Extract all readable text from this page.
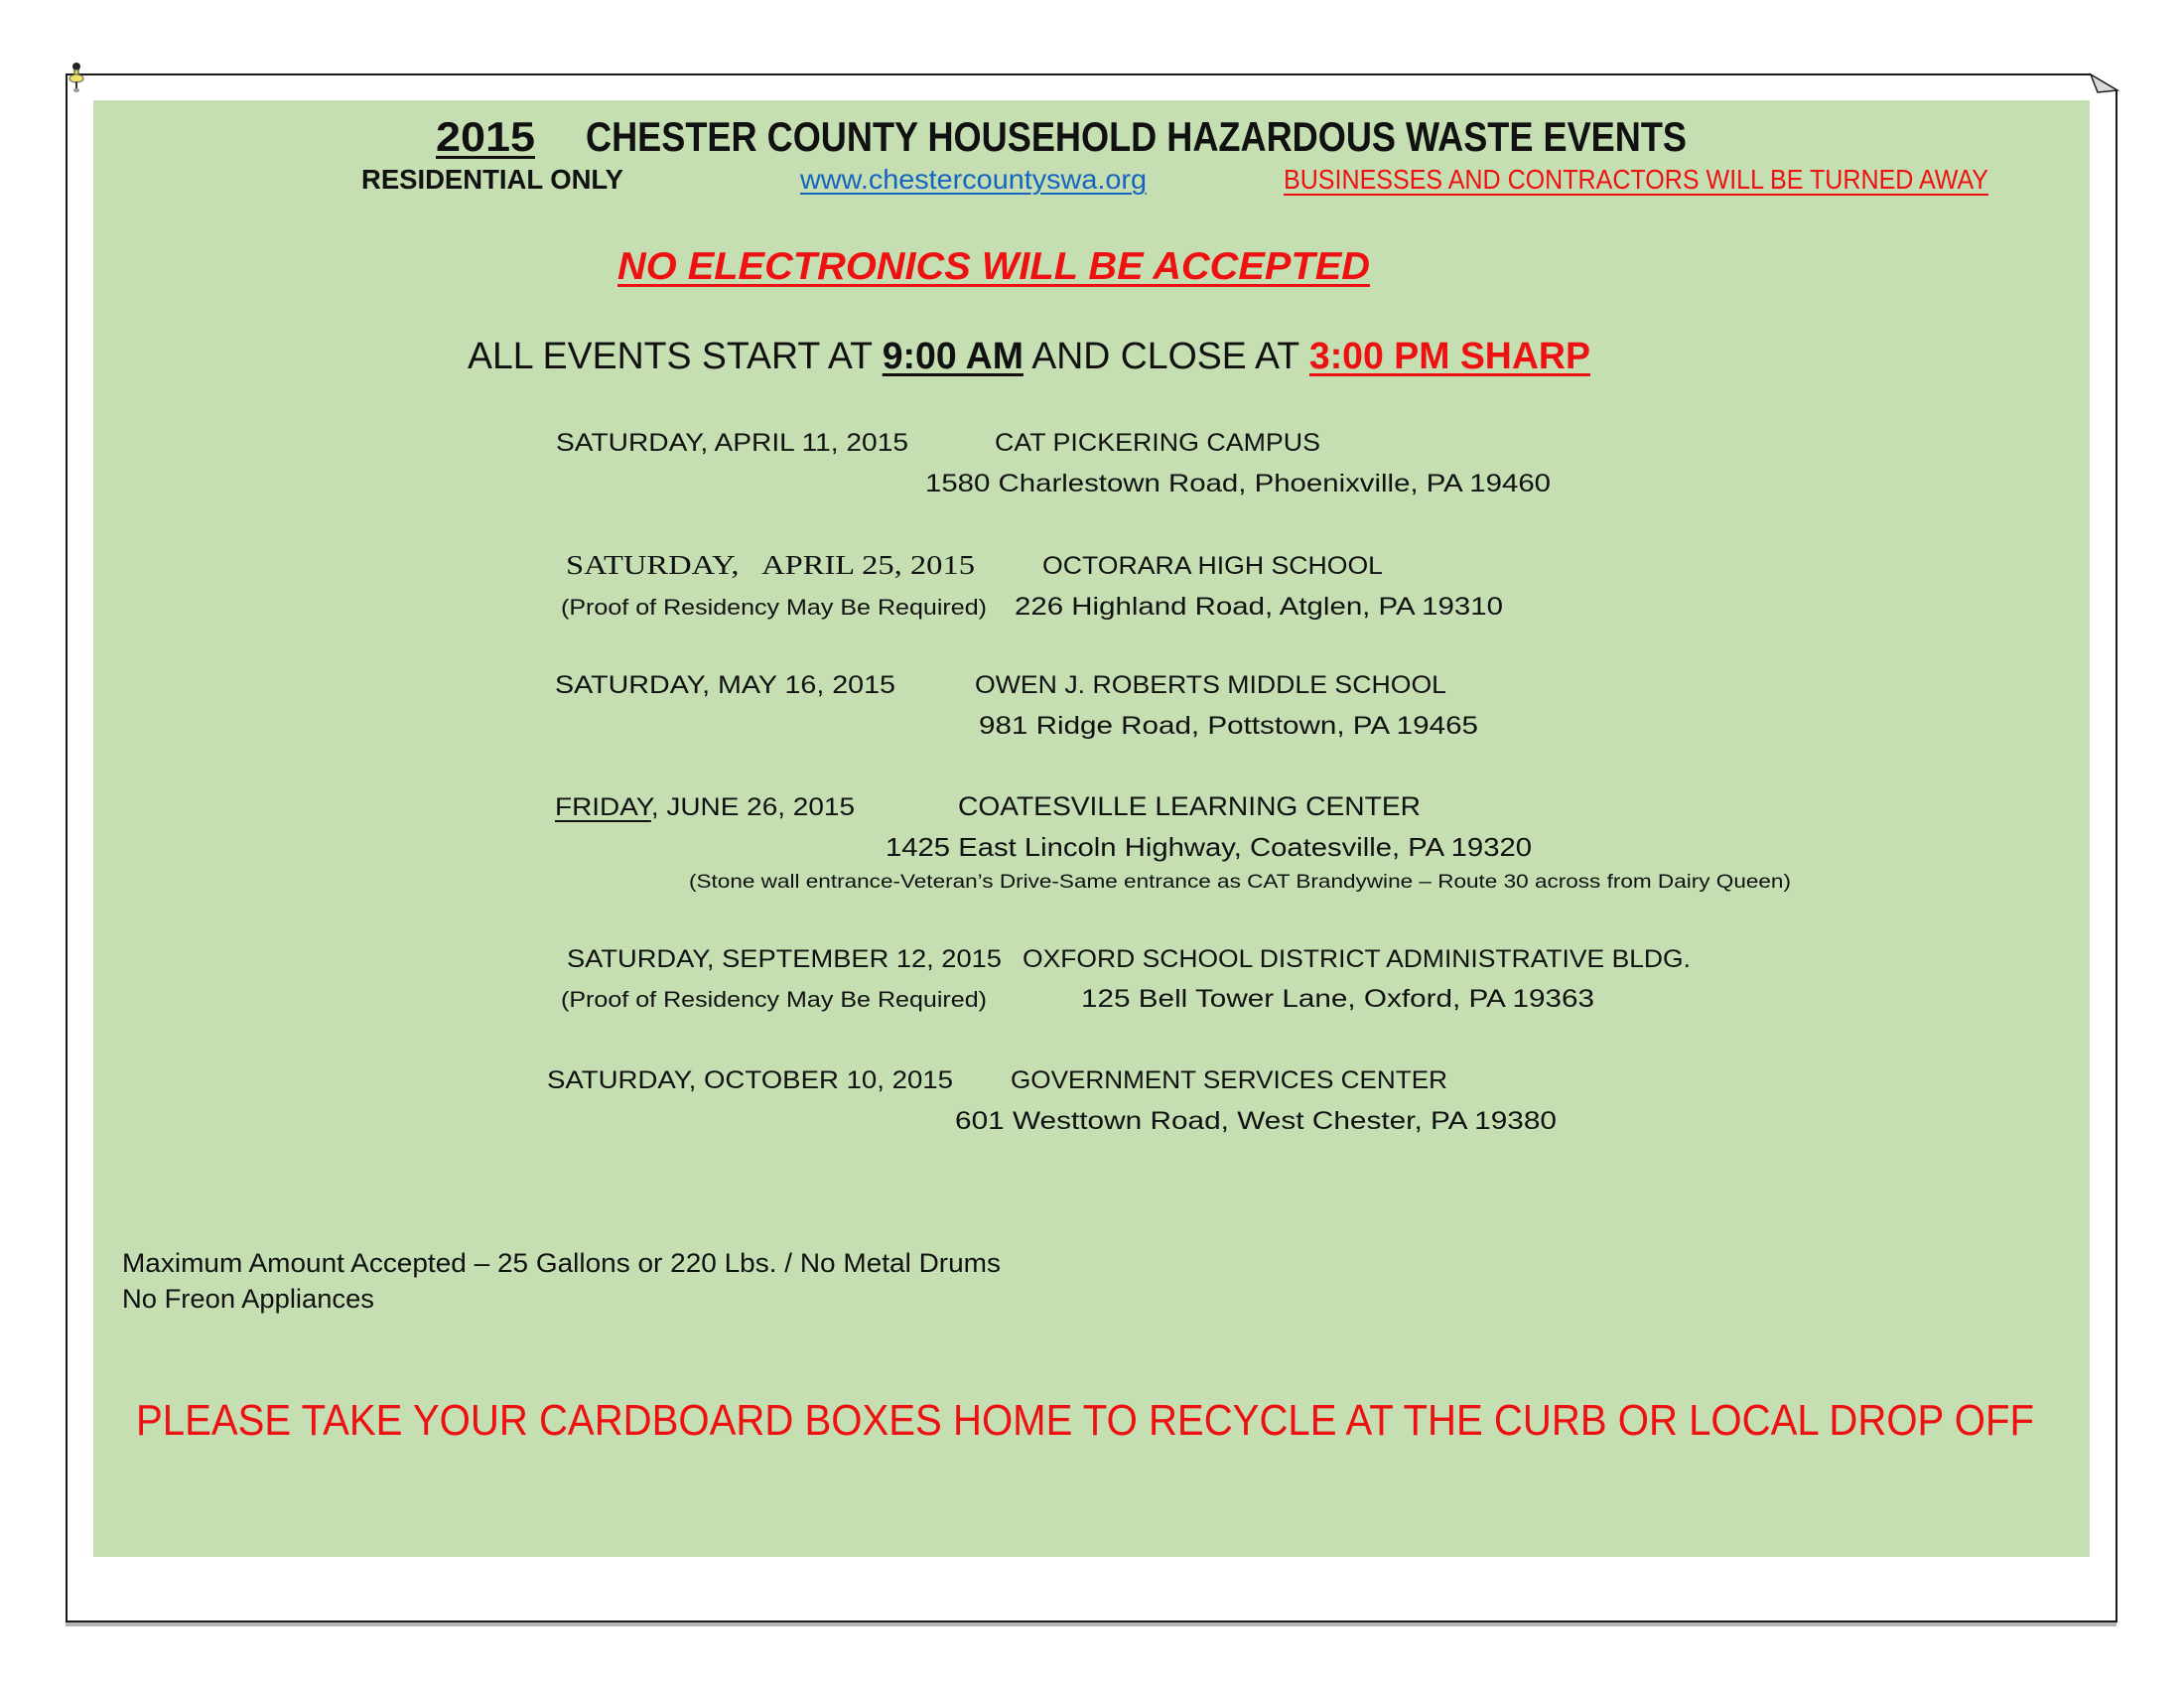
2015 CHESTER COUNTY HOUSEHOLD HAZARDOUS WASTE EVENTS
RESIDENTIAL ONLY	www.chestercountyswa.org	BUSINESSES AND CONTRACTORS WILL BE TURNED AWAY
NO ELECTRONICS WILL BE ACCEPTED
ALL EVENTS START AT 9:00 AM AND CLOSE AT 3:00 PM SHARP
SATURDAY, APRIL 11, 2015	CAT PICKERING CAMPUS
1580 Charlestown Road, Phoenixville, PA 19460
SATURDAY,   APRIL 25, 2015	OCTORARA HIGH SCHOOL
(Proof of Residency May Be Required) 226 Highland Road, Atglen, PA 19310
SATURDAY, MAY 16, 2015	OWEN J. ROBERTS MIDDLE SCHOOL
981 Ridge Road, Pottstown, PA 19465
FRIDAY, JUNE 26, 2015	COATESVILLE LEARNING CENTER
1425 East Lincoln Highway, Coatesville, PA 19320
(Stone wall entrance-Veteran’s Drive-Same entrance as CAT Brandywine – Route 30 across from Dairy Queen)
SATURDAY, SEPTEMBER 12, 2015 OXFORD SCHOOL DISTRICT ADMINISTRATIVE BLDG.
(Proof of Residency May Be Required)	125 Bell Tower Lane, Oxford, PA 19363
SATURDAY, OCTOBER 10, 2015 GOVERNMENT SERVICES CENTER
601 Westtown Road, West Chester, PA 19380
Maximum Amount Accepted – 25 Gallons or 220 Lbs. / No Metal Drums
No Freon Appliances
PLEASE TAKE YOUR CARDBOARD BOXES HOME TO RECYCLE AT THE CURB OR LOCAL DROP OFF
